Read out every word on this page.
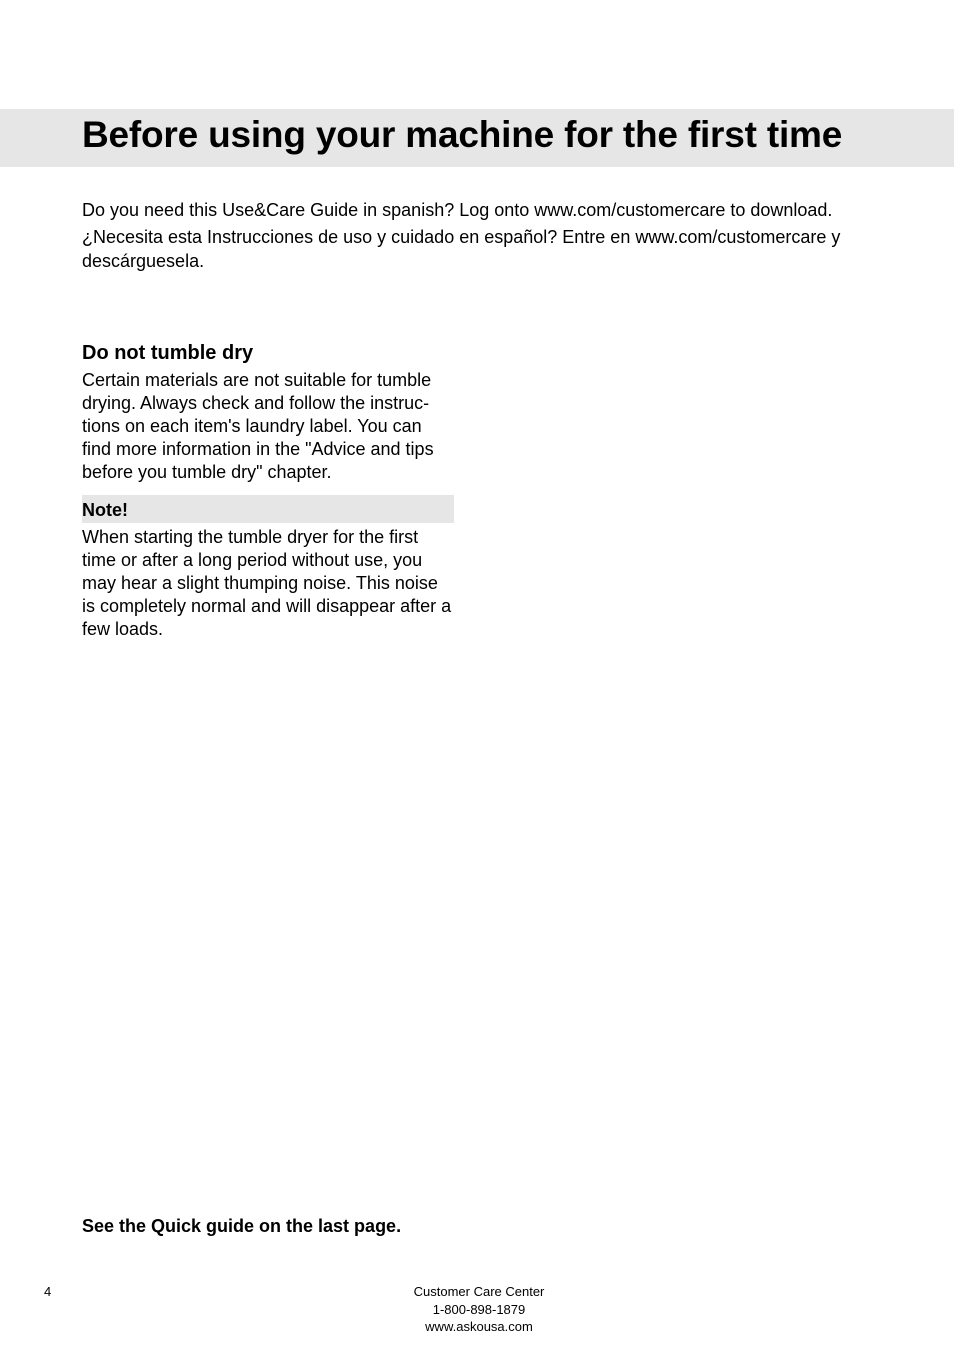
Before using your machine for the first time

Do you need this Use&Care Guide in spanish? Log onto www.com/customercare to download.

¿Necesita esta Instrucciones de uso y cuidado en español? Entre en www.com/customercare y descárguesela.

Do not tumble dry

Certain materials are not suitable for tumble drying. Always check and follow the instruc-tions on each item's laundry label. You can find more information in the "Advice and tips before you tumble dry" chapter.

Note!

When starting the tumble dryer for the first time or after a long period without use, you may hear a slight thumping noise. This noise is completely normal and will disappear after a few loads.

See the Quick guide on the last page.
4	Customer Care Center
1-800-898-1879
www.askousa.com
